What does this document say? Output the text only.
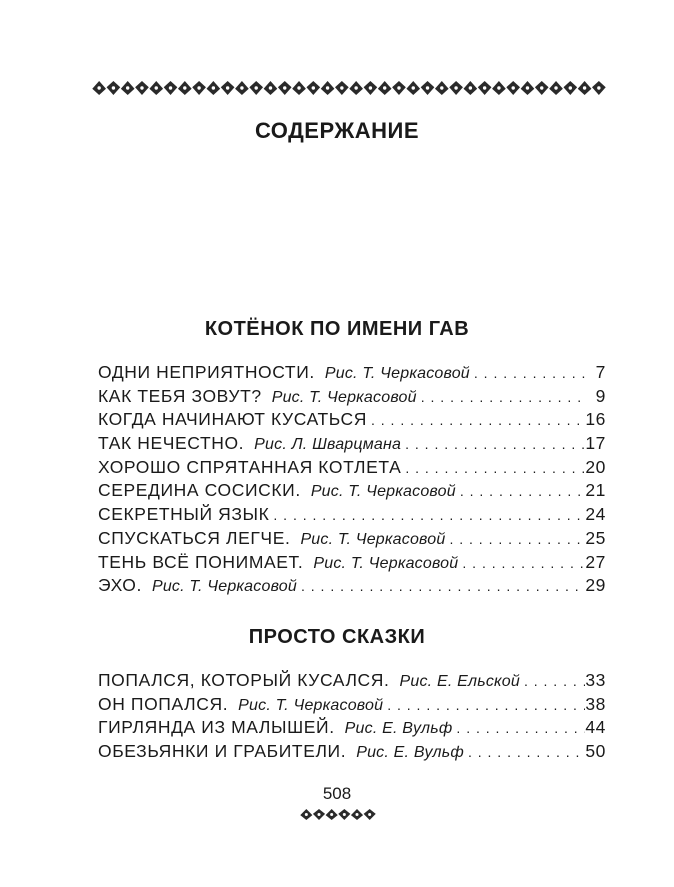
СОДЕРЖАНИЕ
КОТЁНОК ПО ИМЕНИ ГАВ
ОДНИ НЕПРИЯТНОСТИ. Рис. Т. Черкасовой . . .	7
КАК ТЕБЯ ЗОВУТ? Рис. Т. Черкасовой . . .	9
КОГДА НАЧИНАЮТ КУСАТЬСЯ . . .	16
ТАК НЕЧЕСТНО. Рис. Л. Шварцмана . . .	17
ХОРОШО СПРЯТАННАЯ КОТЛЕТА . . .	20
СЕРЕДИНА СОСИСКИ. Рис. Т. Черкасовой . . .	21
СЕКРЕТНЫЙ ЯЗЫК . . .	24
СПУСКАТЬСЯ ЛЕГЧЕ. Рис. Т. Черкасовой . . .	25
ТЕНЬ ВСЁ ПОНИМАЕТ. Рис. Т. Черкасовой . . .	27
ЭХО. Рис. Т. Черкасовой . . .	29
ПРОСТО СКАЗКИ
ПОПАЛСЯ, КОТОРЫЙ КУСАЛСЯ. Рис. Е. Ельской . . .	33
ОН ПОПАЛСЯ. Рис. Т. Черкасовой . . .	38
ГИРЛЯНДА ИЗ МАЛЫШЕЙ. Рис. Е. Вульф . . .	44
ОБЕЗЬЯНКИ И ГРАБИТЕЛИ. Рис. Е. Вульф . . .	50
508
